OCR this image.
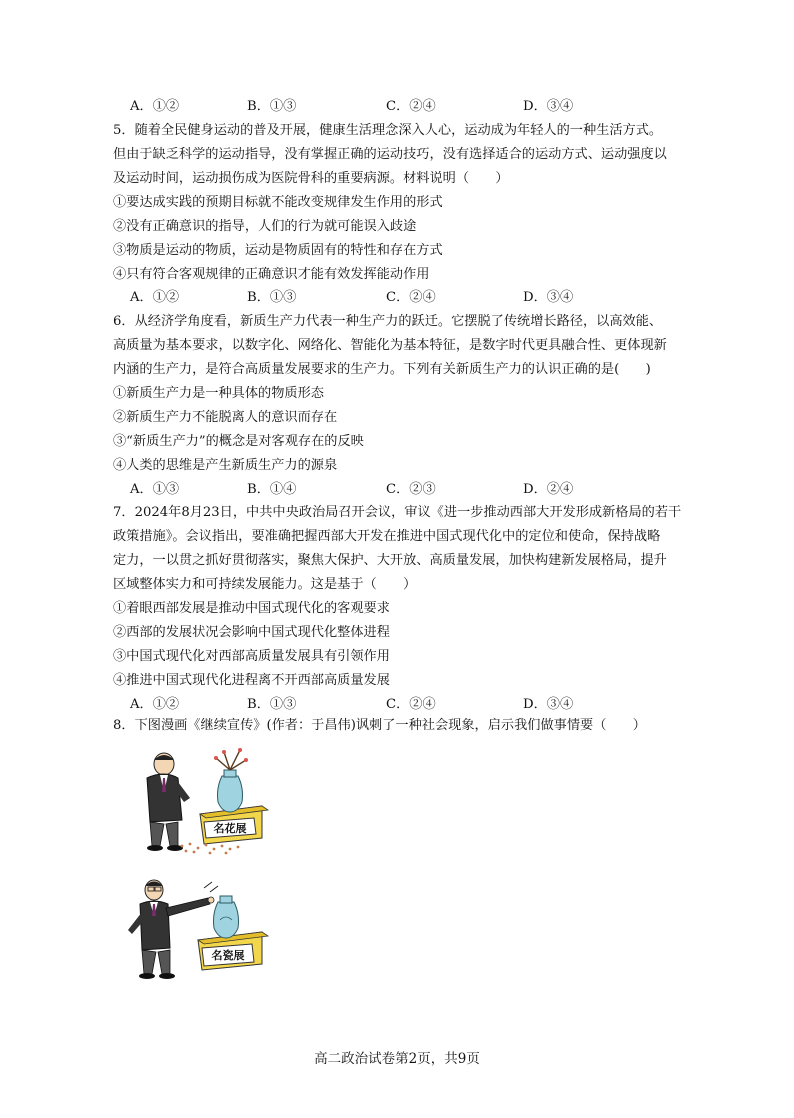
A．①②	B．①③	C．②④	D．③④
5．随着全民健身运动的普及开展，健康生活理念深入人心，运动成为年轻人的一种生活方式。
但由于缺乏科学的运动指导，没有掌握正确的运动技巧，没有选择适合的运动方式、运动强度以
及运动时间，运动损伤成为医院骨科的重要病源。材料说明（　　）
①要达成实践的预期目标就不能改变规律发生作用的形式
②没有正确意识的指导，人们的行为就可能误入歧途
③物质是运动的物质，运动是物质固有的特性和存在方式
④只有符合客观规律的正确意识才能有效发挥能动作用
A．①②	B．①③	C．②④	D．③④
6．从经济学角度看，新质生产力代表一种生产力的跃迁。它摆脱了传统增长路径，以高效能、
高质量为基本要求，以数字化、网络化、智能化为基本特征，是数字时代更具融合性、更体现新
内涵的生产力，是符合高质量发展要求的生产力。下列有关新质生产力的认识正确的是(　　)
①新质生产力是一种具体的物质形态
②新质生产力不能脱离人的意识而存在
③“新质生产力”的概念是对客观存在的反映
④人类的思维是产生新质生产力的源泉
A．①③	B．①④	C．②③	D．②④
7．2024年8月23日，中共中央政治局召开会议，审议《进一步推动西部大开发形成新格局的若干
政策措施》。会议指出，要准确把握西部大开发在推进中国式现代化中的定位和使命，保持战略
定力，一以贯之抓好贯彻落实，聚焦大保护、大开放、高质量发展，加快构建新发展格局，提升
区域整体实力和可持续发展能力。这是基于（　　）
①着眼西部发展是推动中国式现代化的客观要求
②西部的发展状况会影响中国式现代化整体进程
③中国式现代化对西部高质量发展具有引领作用
④推进中国式现代化进程离不开西部高质量发展
A．①②	B．①③	C．②④	D．③④
8．下图漫画《继续宣传》(作者：于昌伟)讽刺了一种社会现象，启示我们做事情要（　　）
名花展
名瓷展
高二政治试卷第2页，共9页
